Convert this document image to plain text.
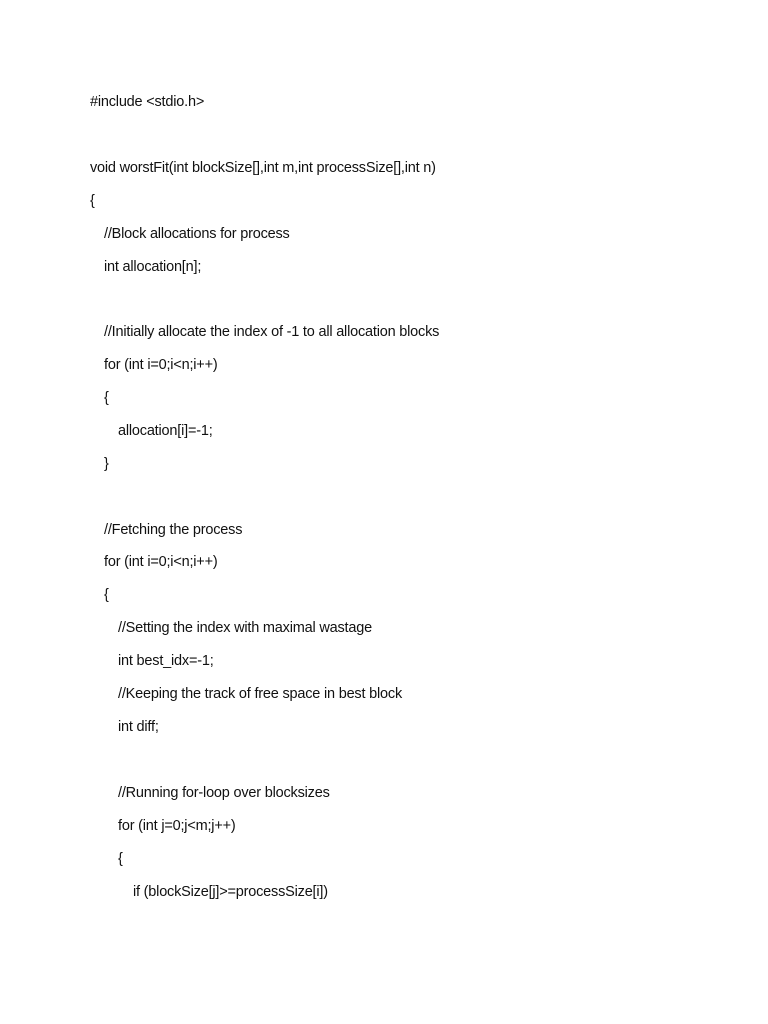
#include <stdio.h>
void worstFit(int blockSize[],int m,int processSize[],int n)
{
//Block allocations for process
int allocation[n];
//Initially allocate the index of -1 to all allocation blocks
for (int i=0;i<n;i++)
{
allocation[i]=-1;
}
//Fetching the process
for (int i=0;i<n;i++)
{
//Setting the index with maximal wastage
int best_idx=-1;
//Keeping the track of free space in best block
int diff;
//Running for-loop over blocksizes
for (int j=0;j<m;j++)
{
if (blockSize[j]>=processSize[i])
